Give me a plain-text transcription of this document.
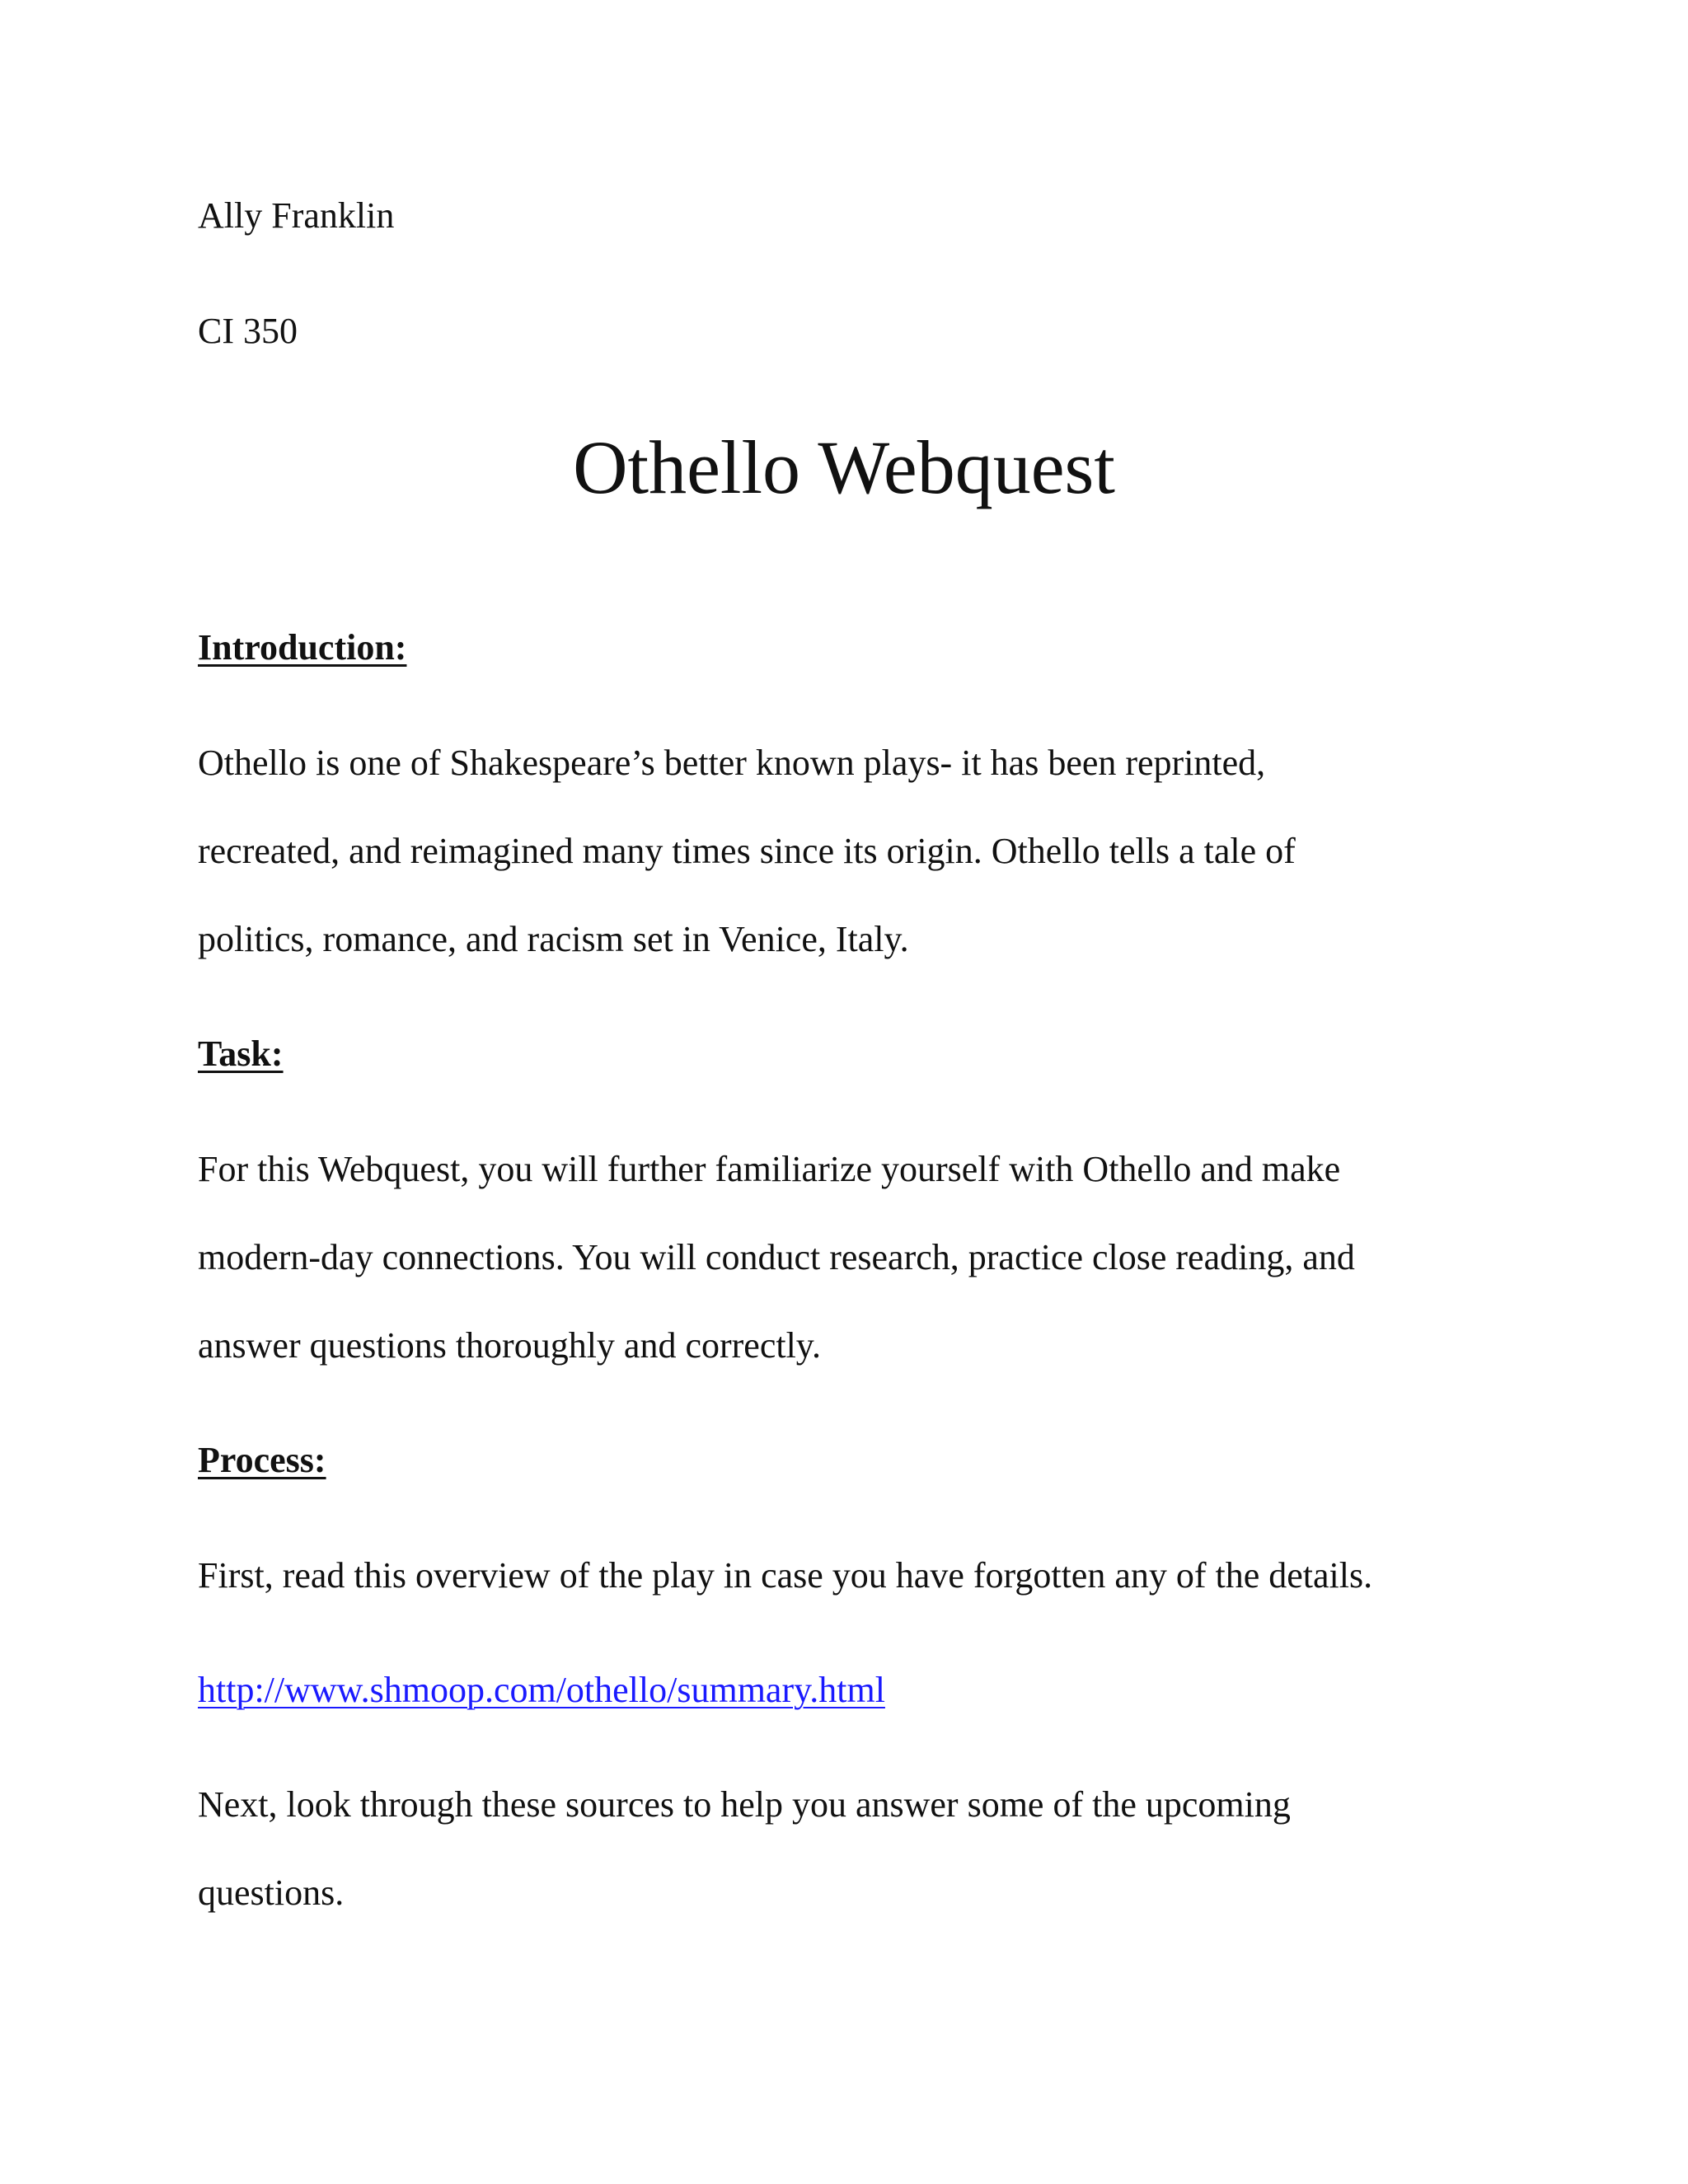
Ally Franklin
CI 350
Othello Webquest
Introduction:
Othello is one of Shakespeare’s better known plays- it has been reprinted,
recreated, and reimagined many times since its origin. Othello tells a tale of
politics, romance, and racism set in Venice, Italy.
Task:
For this Webquest, you will further familiarize yourself with Othello and make
modern-day connections. You will conduct research, practice close reading, and
answer questions thoroughly and correctly.
Process:
First, read this overview of the play in case you have forgotten any of the details.
http://www.shmoop.com/othello/summary.html
Next, look through these sources to help you answer some of the upcoming
questions.
